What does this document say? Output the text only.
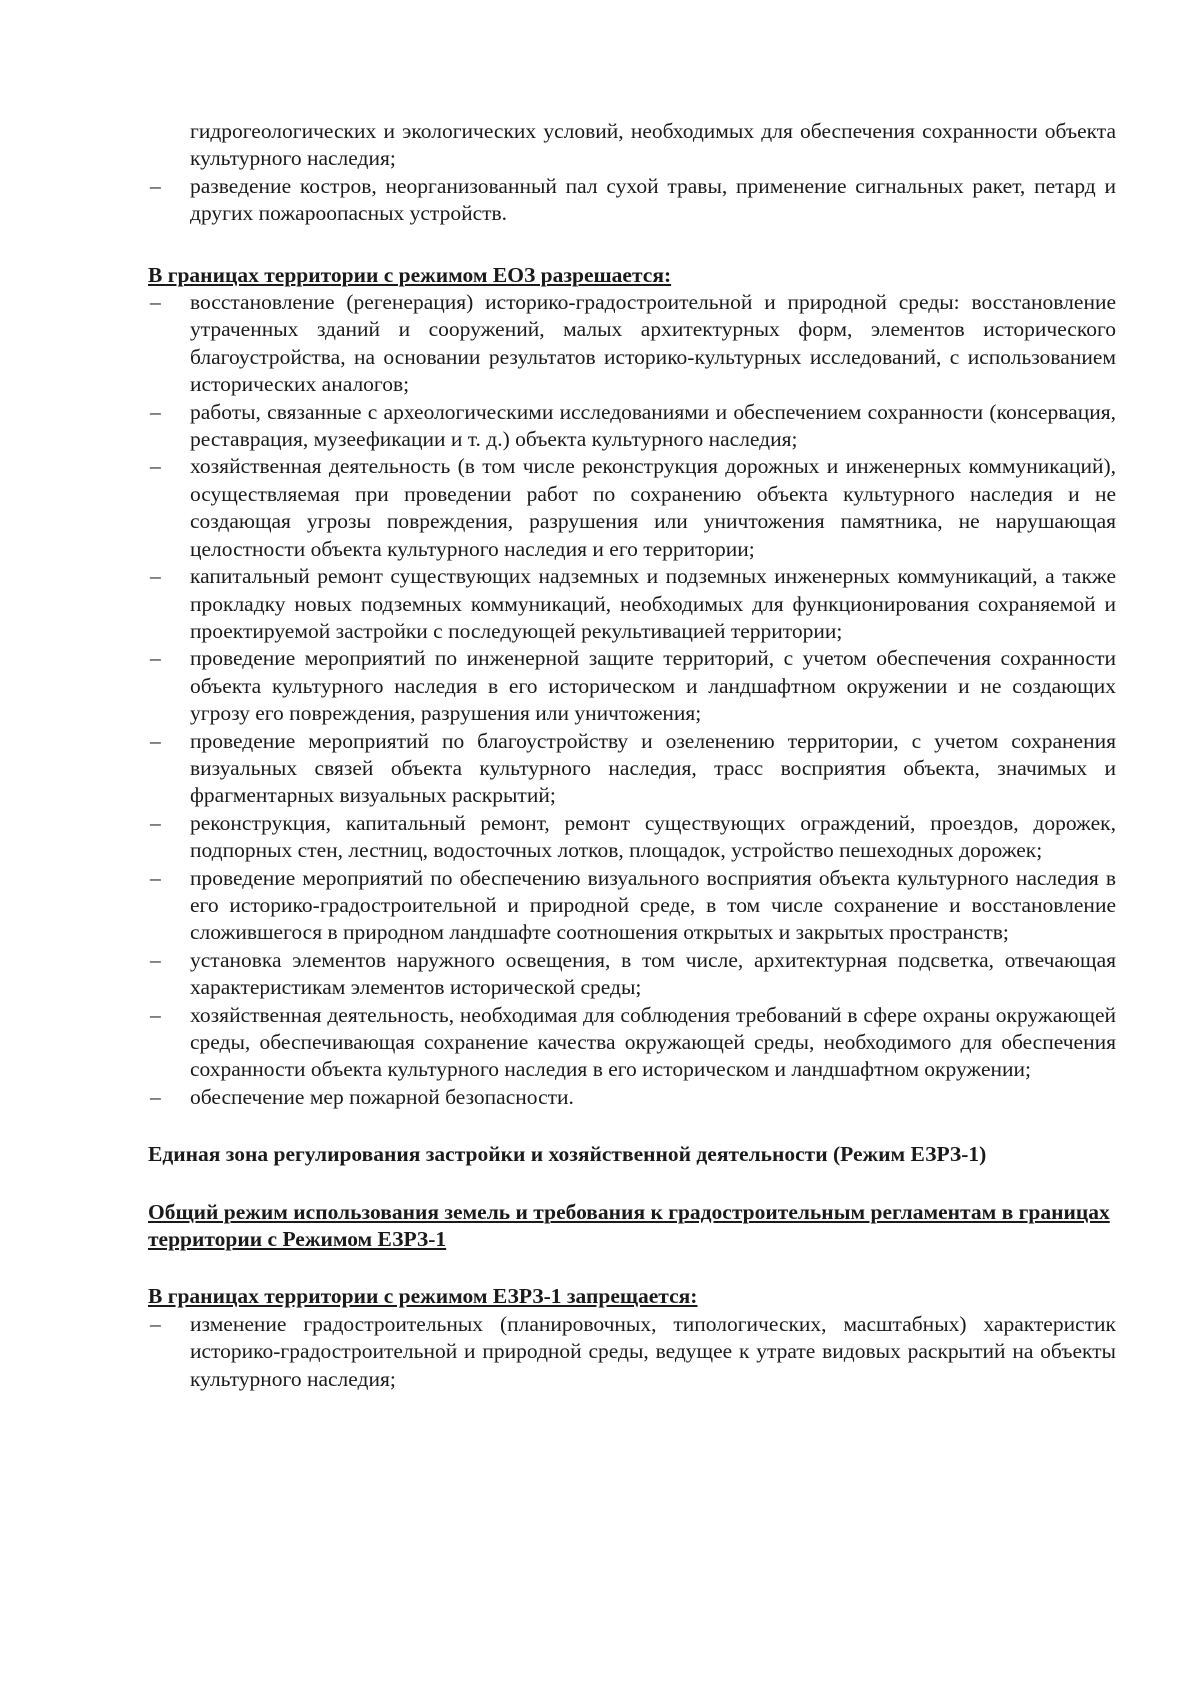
гидрогеологических и экологических условий, необходимых для обеспечения сохранности объекта культурного наследия;

– разведение костров, неорганизованный пал сухой травы, применение сигнальных ракет, петард и других пожароопасных устройств.

В границах территории с режимом ЕОЗ разрешается:

– восстановление (регенерация) историко-градостроительной и природной среды: восстановление утраченных зданий и сооружений, малых архитектурных форм, элементов исторического благоустройства, на основании результатов историко-культурных исследований, с использованием исторических аналогов;
– работы, связанные с археологическими исследованиями и обеспечением сохранности (консервация, реставрация, музеефикации и т. д.) объекта культурного наследия;
– хозяйственная деятельность (в том числе реконструкция дорожных и инженерных коммуникаций), осуществляемая при проведении работ по сохранению объекта культурного наследия и не создающая угрозы повреждения, разрушения или уничтожения памятника, не нарушающая целостности объекта культурного наследия и его территории;
– капитальный ремонт существующих надземных и подземных инженерных коммуникаций, а также прокладку новых подземных коммуникаций, необходимых для функционирования сохраняемой и проектируемой застройки с последующей рекультивацией территории;
– проведение мероприятий по инженерной защите территорий, с учетом обеспечения сохранности объекта культурного наследия в его историческом и ландшафтном окружении и не создающих угрозу его повреждения, разрушения или уничтожения;
– проведение мероприятий по благоустройству и озеленению территории, с учетом сохранения визуальных связей объекта культурного наследия, трасс восприятия объекта, значимых и фрагментарных визуальных раскрытий;
– реконструкция, капитальный ремонт, ремонт существующих ограждений, проездов, дорожек, подпорных стен, лестниц, водосточных лотков, площадок, устройство пешеходных дорожек;
– проведение мероприятий по обеспечению визуального восприятия объекта культурного наследия в его историко-градостроительной и природной среде, в том числе сохранение и восстановление сложившегося в природном ландшафте соотношения открытых и закрытых пространств;
– установка элементов наружного освещения, в том числе, архитектурная подсветка, отвечающая характеристикам элементов исторической среды;
– хозяйственная деятельность, необходимая для соблюдения требований в сфере охраны окружающей среды, обеспечивающая сохранение качества окружающей среды, необходимого для обеспечения сохранности объекта культурного наследия в его историческом и ландшафтном окружении;
– обеспечение мер пожарной безопасности.

Единая зона регулирования застройки и хозяйственной деятельности (Режим ЕЗРЗ-1)

Общий режим использования земель и требования к градостроительным регламентам в границах территории с Режимом ЕЗРЗ-1

В границах территории с режимом ЕЗРЗ-1 запрещается:

– изменение градостроительных (планировочных, типологических, масштабных) характеристик историко-градостроительной и природной среды, ведущее к утрате видовых раскрытий на объекты культурного наследия;
